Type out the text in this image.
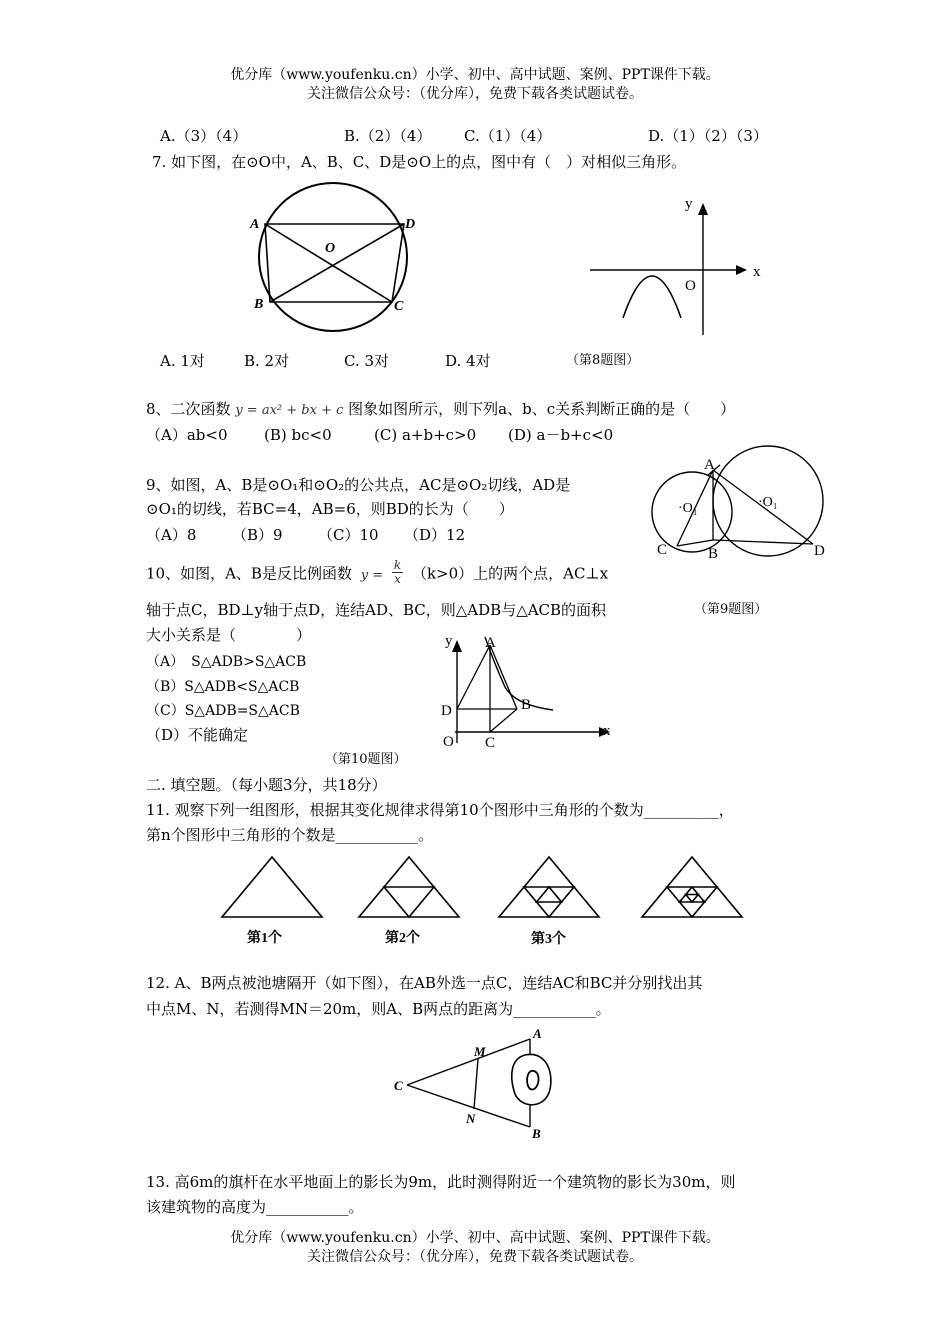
优分库（www.youfenku.cn）小学、初中、高中试题、案例、PPT课件下载。
关注微信公众号：（优分库），免费下载各类试题试卷。
A.（3）（4）	B.（2）（4） C.（1）（4）	D.（1）（2）（3）
7. 如下图，在⊙O中，A、B、C、D是⊙O上的点，图中有（　）对相似三角形。
A	D
B	C
O
x
y
O
A. 1对	B. 2对	C. 3对	D. 4对	（第8题图）
8、二次函数 y = ax² + bx + c 图象如图所示，则下列a、b、c关系判断正确的是（　　）
（A）ab<0 (B) bc<0	(C) a+b+c>0 (D) a－b+c<0
9、如图，A、B是⊙O₁和⊙O₂的公共点，AC是⊙O₂切线，AD是
⊙O₁的切线，若BC=4，AB=6，则BD的长为（　　）
（A）8 （B）9 （C）10 （D）12
A
·O₁	·O₁
C	B	D
10、如图，A、B是反比例函数 $y = \frac{k}{x} (k>0)$上的两个点，AC⊥x
轴于点C，BD⊥y轴于点D，连结AD、BC，则△ADB与△ACB的面积	（第9题图）
大小关系是（　　　　）
（A）　S△ADB>S△ACB
（B）S△ADB<S△ACB
（C）S△ADB=S△ACB
（D）不能确定
y A
B
D
O C
x
（第10题图）
二. 填空题。（每小题3分，共18分）
11. 观察下列一组图形，根据其变化规律求得第10个图形中三角形的个数为__________，
第n个图形中三角形的个数是___________。
第1个	第2个	第3个
12. A、B两点被池塘隔开（如下图），在AB外选一点C，连结AC和BC并分别找出其
中点M、N，若测得MN＝20m，则A、B两点的距离为___________。
A
B
C
M
N
13. 高6m的旗杆在水平地面上的影长为9m，此时测得附近一个建筑物的影长为30m，则
该建筑物的高度为___________。
优分库（www.youfenku.cn）小学、初中、高中试题、案例、PPT课件下载。
关注微信公众号：（优分库），免费下载各类试题试卷。
